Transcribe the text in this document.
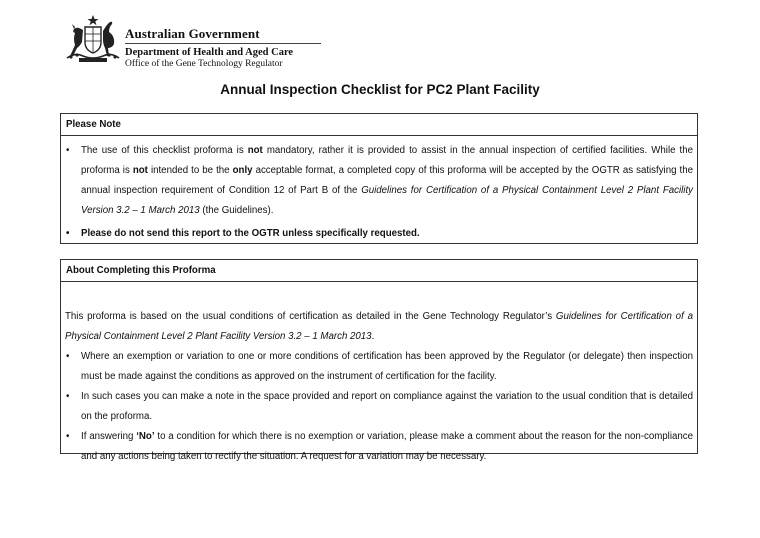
Australian Government
Department of Health and Aged Care
Office of the Gene Technology Regulator
Annual Inspection Checklist for PC2 Plant Facility
Please Note
• The use of this checklist proforma is not mandatory, rather it is provided to assist in the annual inspection of certified facilities. While the proforma is not intended to be the only acceptable format, a completed copy of this proforma will be accepted by the OGTR as satisfying the annual inspection requirement of Condition 12 of Part B of the Guidelines for Certification of a Physical Containment Level 2 Plant Facility Version 3.2 – 1 March 2013 (the Guidelines).
• Please do not send this report to the OGTR unless specifically requested.
About Completing this Proforma
This proforma is based on the usual conditions of certification as detailed in the Gene Technology Regulator’s Guidelines for Certification of a Physical Containment Level 2 Plant Facility Version 3.2 – 1 March 2013.
• Where an exemption or variation to one or more conditions of certification has been approved by the Regulator (or delegate) then inspection must be made against the conditions as approved on the instrument of certification for the facility.
• In such cases you can make a note in the space provided and report on compliance against the variation to the usual condition that is detailed on the proforma.
• If answering ‘No’ to a condition for which there is no exemption or variation, please make a comment about the reason for the non-compliance and any actions being taken to rectify the situation. A request for a variation may be necessary.
